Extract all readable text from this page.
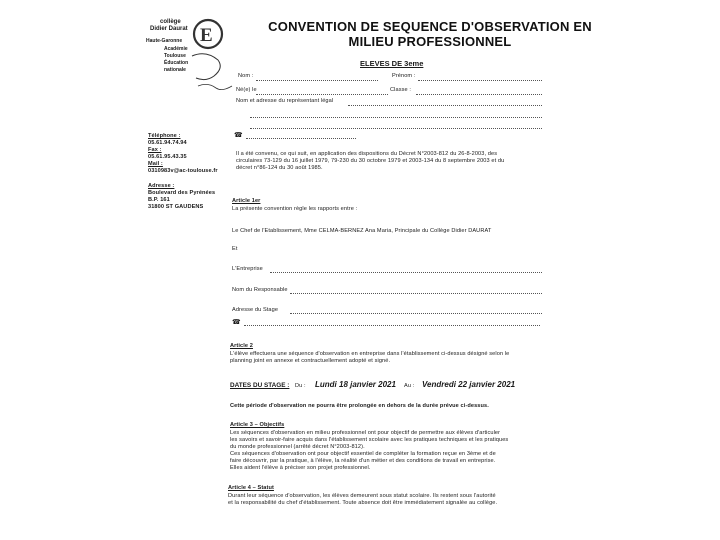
E
collège
Didier Daurat
Haute-Garonne
Académie
Toulouse
Éducation
nationale
CONVENTION DE SEQUENCE D'OBSERVATION EN
MILIEU PROFESSIONNEL
ELEVES DE 3eme
Nom :	Prénom :
Né(e) le	Classe :
Nom et adresse du représentant légal
☎
Téléphone :
05.61.94.74.94
Fax :
05.61.95.43.35
Mail :
0310983v@ac-toulouse.fr
Adresse :
Boulevard des Pyrénées
B.P. 161
31800 ST GAUDENS
Il a été convenu, ce qui suit, en application des dispositions du Décret N°2003-812 du 26-8-2003, des
circulaires 73-129 du 16 juillet 1979, 79-230 du 30 octobre 1979 et 2003-134 du 8 septembre 2003 et du
décret n°86-124 du 30 août 1985.
Article 1er
La présente convention règle les rapports entre :
Le Chef de l'Etablissement, Mme CELMA-BERNEZ Ana Maria, Principale du Collège Didier DAURAT
Et
L'Entreprise
Nom du Responsable
Adresse du Stage
☎
Article 2
L'élève effectuera une séquence d'observation en entreprise dans l'établissement ci-dessus désigné selon le
planning joint en annexe et contractuellement adopté et signé.
DATES DU STAGE : Du : Lundi 18 janvier 2021 Au : Vendredi 22 janvier 2021
Cette période d'observation ne pourra être prolongée en dehors de la durée prévue ci-dessus.
Article 3 – Objectifs
Les séquences d'observation en milieu professionnel ont pour objectif de permettre aux élèves d'articuler
les savoirs et savoir-faire acquis dans l'établissement scolaire avec les pratiques techniques et les pratiques
du monde professionnel (arrêté décret N°2003-812).
Ces séquences d'observation ont pour objectif essentiel de compléter la formation reçue en 3ème et de
faire découvrir, par la pratique, à l'élève, la réalité d'un métier et des conditions de travail en entreprise.
Elles aident l'élève à préciser son projet professionnel.
Article 4 – Statut
Durant leur séquence d'observation, les élèves demeurent sous statut scolaire. Ils restent sous l'autorité
et la responsabilité du chef d'établissement. Toute absence doit être immédiatement signalée au collège.
